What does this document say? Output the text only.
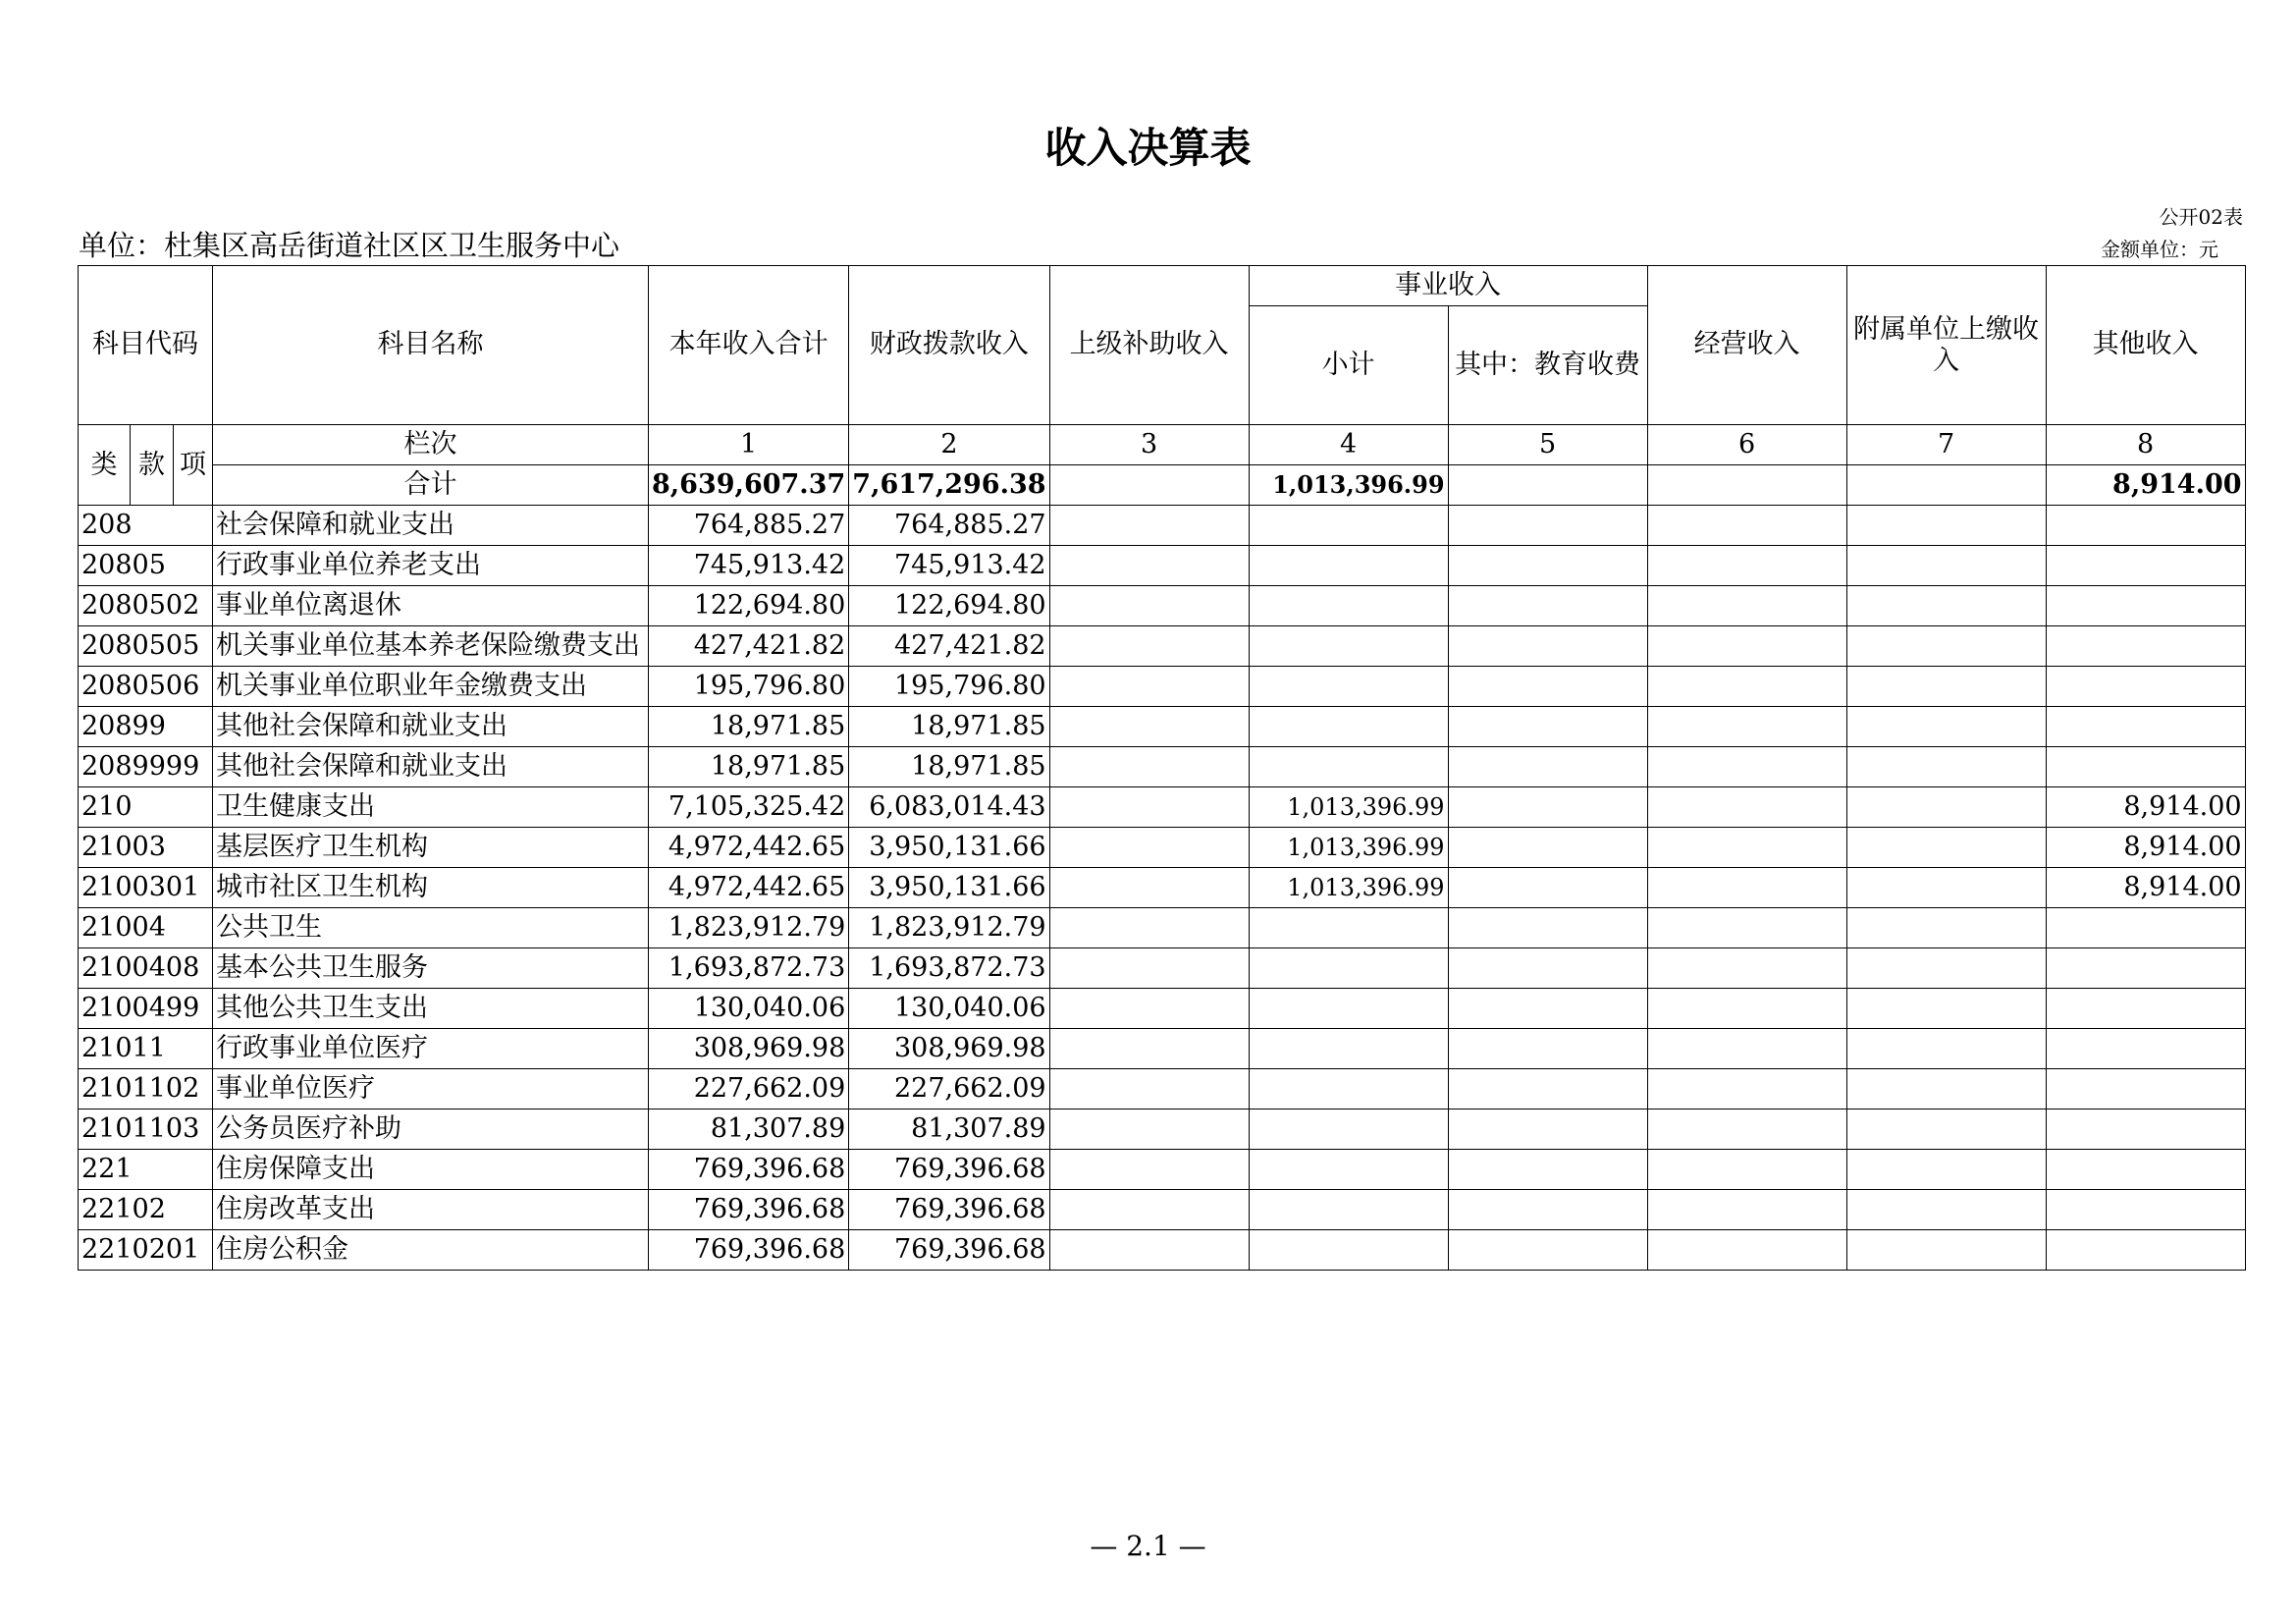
收入决算表
公开02表
单位：杜集区高岳街道社区区卫生服务中心	金额单位：元
科目代码			科目名称	本年收入合计	财政拨款收入	上级补助收入	事业收入		经营收入	附属单位上缴收入	其他收入
							小计	其中：教育收费			
类	款	项	栏次	1	2	3	4	5	6	7	8
			合计	8,639,607.37	7,617,296.38		1,013,396.99				8,914.00
208			社会保障和就业支出	764,885.27	764,885.27						
20805			行政事业单位养老支出	745,913.42	745,913.42						
2080502			事业单位离退休	122,694.80	122,694.80						
2080505			机关事业单位基本养老保险缴费支出	427,421.82	427,421.82						
2080506			机关事业单位职业年金缴费支出	195,796.80	195,796.80						
20899			其他社会保障和就业支出	18,971.85	18,971.85						
2089999			其他社会保障和就业支出	18,971.85	18,971.85						
210			卫生健康支出	7,105,325.42	6,083,014.43		1,013,396.99				8,914.00
21003			基层医疗卫生机构	4,972,442.65	3,950,131.66		1,013,396.99				8,914.00
2100301			城市社区卫生机构	4,972,442.65	3,950,131.66		1,013,396.99				8,914.00
21004			公共卫生	1,823,912.79	1,823,912.79						
2100408			基本公共卫生服务	1,693,872.73	1,693,872.73						
2100499			其他公共卫生支出	130,040.06	130,040.06						
21011			行政事业单位医疗	308,969.98	308,969.98						
2101102			事业单位医疗	227,662.09	227,662.09						
2101103			公务员医疗补助	81,307.89	81,307.89						
221			住房保障支出	769,396.68	769,396.68						
22102			住房改革支出	769,396.68	769,396.68						
2210201			住房公积金	769,396.68	769,396.68						
— 2.1 —
